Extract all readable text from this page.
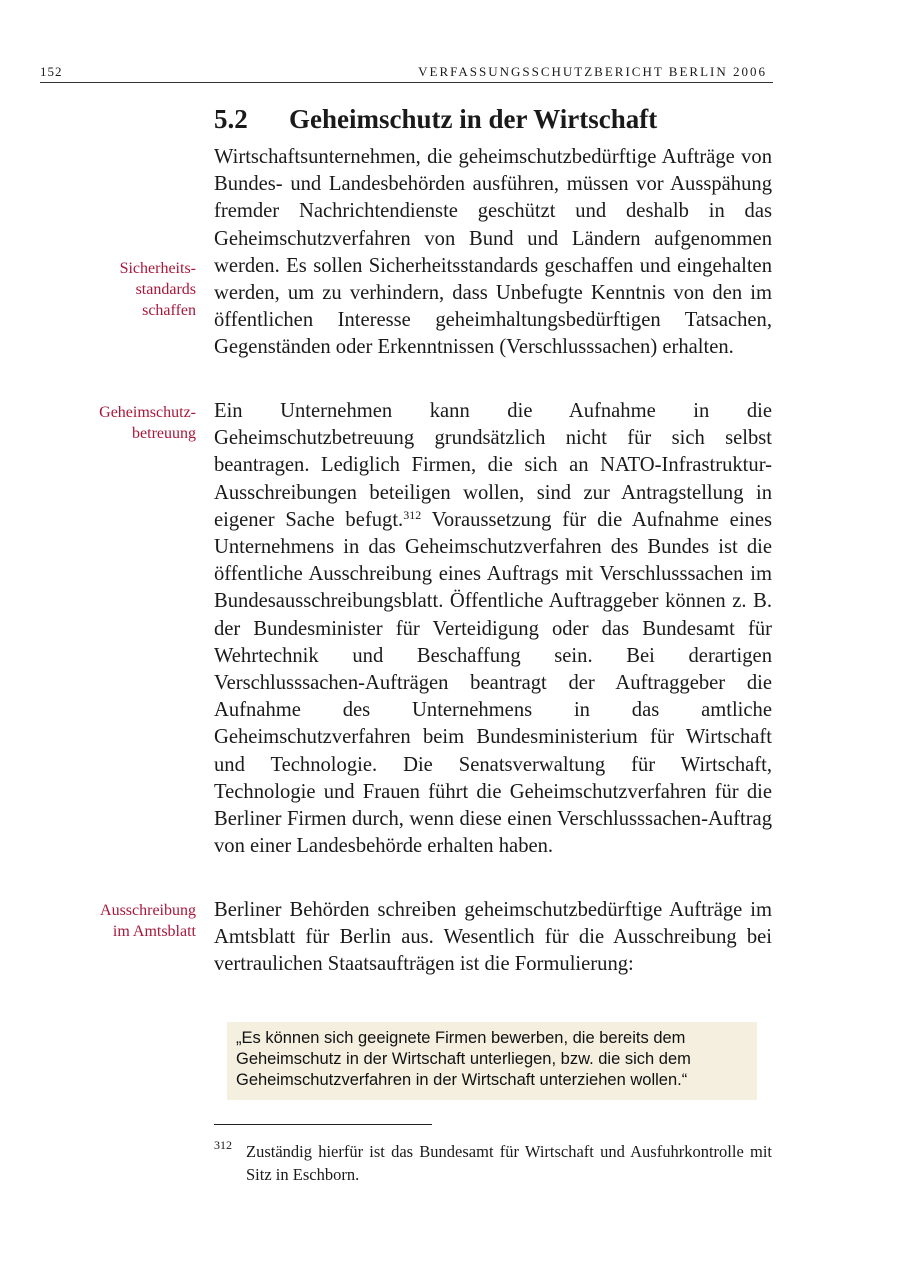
152	VERFASSUNGSSCHUTZBERICHT BERLIN 2006
5.2 Geheimschutz in der Wirtschaft

Sicherheits-
standards
schaffen

Geheimschutz-
betreuung

Ausschreibung
im Amtsblatt

Wirtschaftsunternehmen, die geheimschutzbedürftige Aufträge von Bundes- und Landesbehörden ausführen, müssen vor Ausspähung fremder Nachrichtendienste geschützt und deshalb in das Geheimschutzverfahren von Bund und Ländern aufgenommen werden. Es sollen Sicherheitsstandards geschaffen und eingehalten werden, um zu verhindern, dass Unbefugte Kenntnis von den im öffentlichen Interesse geheimhaltungsbedürftigen Tatsachen, Gegenständen oder Erkenntnissen (Verschlusssachen) erhalten.

Ein Unternehmen kann die Aufnahme in die Geheimschutzbetreuung grundsätzlich nicht für sich selbst beantragen. Lediglich Firmen, die sich an NATO-Infrastruktur-Ausschreibungen beteiligen wollen, sind zur Antragstellung in eigener Sache befugt.$^{312}$ Voraussetzung für die Aufnahme eines Unternehmens in das Geheimschutzverfahren des Bundes ist die öffentliche Ausschreibung eines Auftrags mit Verschlusssachen im Bundesausschreibungsblatt. Öffentliche Auftraggeber können z. B. der Bundesminister für Verteidigung oder das Bundesamt für Wehrtechnik und Beschaffung sein. Bei derartigen Verschlusssachen-Aufträgen beantragt der Auftraggeber die Aufnahme des Unternehmens in das amtliche Geheimschutzverfahren beim Bundesministerium für Wirtschaft und Technologie. Die Senatsverwaltung für Wirtschaft, Technologie und Frauen führt die Geheimschutzverfahren für die Berliner Firmen durch, wenn diese einen Verschlusssachen-Auftrag von einer Landesbehörde erhalten haben.

Berliner Behörden schreiben geheimschutzbedürftige Aufträge im Amtsblatt für Berlin aus. Wesentlich für die Ausschreibung bei vertraulichen Staatsaufträgen ist die Formulierung:

„Es können sich geeignete Firmen bewerben, die bereits dem
Geheimschutz in der Wirtschaft unterliegen, bzw. die sich dem
Geheimschutzverfahren in der Wirtschaft unterziehen wollen.“

312 Zuständig hierfür ist das Bundesamt für Wirtschaft und Ausfuhrkontrolle mit Sitz in Eschborn.
